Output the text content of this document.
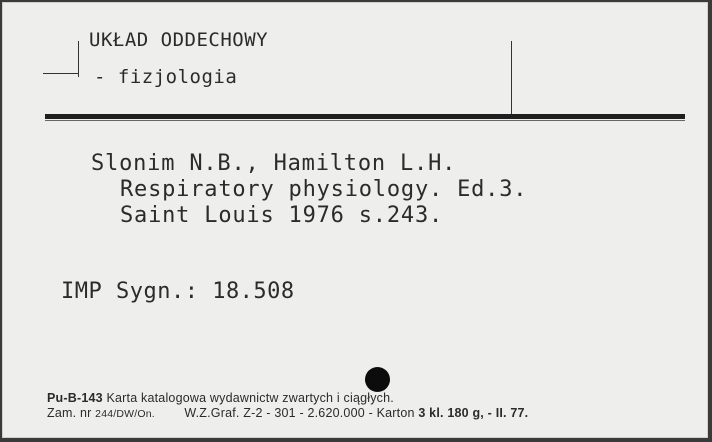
UKŁAD ODDECHOWY
- fizjologia
Slonim N.B., Hamilton L.H.
Respiratory physiology. Ed.3.
Saint Louis 1976 s.243.
IMP Sygn.: 18.508
Pu-B-143 Karta katalogowa wydawnictw zwartych i ciągłych.
Zam. nr 244/DW/On. W.Z.Graf. Z-2 - 301 - 2.620.000 - Karton 3 kl. 180 g, - II. 77.
